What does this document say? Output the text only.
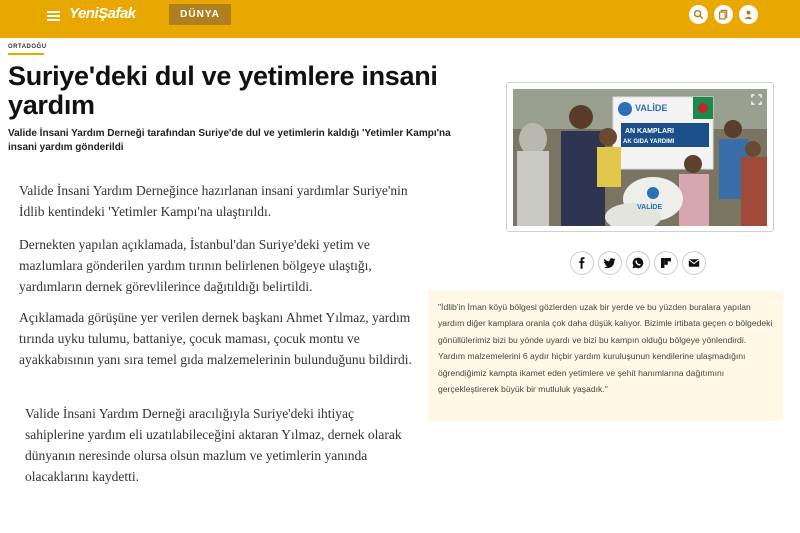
YeniŞafak	DÜNYA
ORTADOĞU
Suriye'deki dul ve yetimlere insani yardım

Valide İnsani Yardım Derneği tarafından Suriye'de dul ve yetimlerin kaldığı 'Yetimler Kampı'na insani yardım gönderildi

Valide İnsani Yardım Derneğince hazırlanan insani yardımlar Suriye'nin İdlib kentindeki 'Yetimler Kampı'na ulaştırıldı.

Dernekten yapılan açıklamada, İstanbul'dan Suriye'deki yetim ve mazlumlara gönderilen yardım tırının belirlenen bölgeye ulaştığı, yardımların dernek görevlilerince dağıtıldığı belirtildi.

Açıklamada görüşüne yer verilen dernek başkanı Ahmet Yılmaz, yardım tırında uyku tulumu, battaniye, çocuk maması, çocuk montu ve ayakkabısının yanı sıra temel gıda malzemelerinin bulunduğunu bildirdi.

Valide İnsani Yardım Derneği aracılığıyla Suriye'deki ihtiyaç sahiplerine yardım eli uzatılabileceğini aktaran Yılmaz, dernek olarak dünyanın neresinde olursa olsun mazlum ve yetimlerin yanında olacaklarını kaydetti.

VALİDE
AN KAMPLARI
AK GIDA YARDIMI
VALİDE

"İdlib'in İman köyü bölgesi gözlerden uzak bir yerde ve bu yüzden buralara yapılan yardım diğer kamplara oranla çok daha düşük kalıyor. Bizimle irtibata geçen o bölgedeki gönüllülerimiz bizi bu yönde uyardı ve bizi bu kampın olduğu bölgeye yönlendirdi. Yardım malzemelerini 6 aydır hiçbir yardım kuruluşunun kendilerine ulaşmadığını öğrendiğimiz kampta ikamet eden yetimlere ve şehit hanımlarına dağıtımını gerçekleştirerek büyük bir mutluluk yaşadık."
